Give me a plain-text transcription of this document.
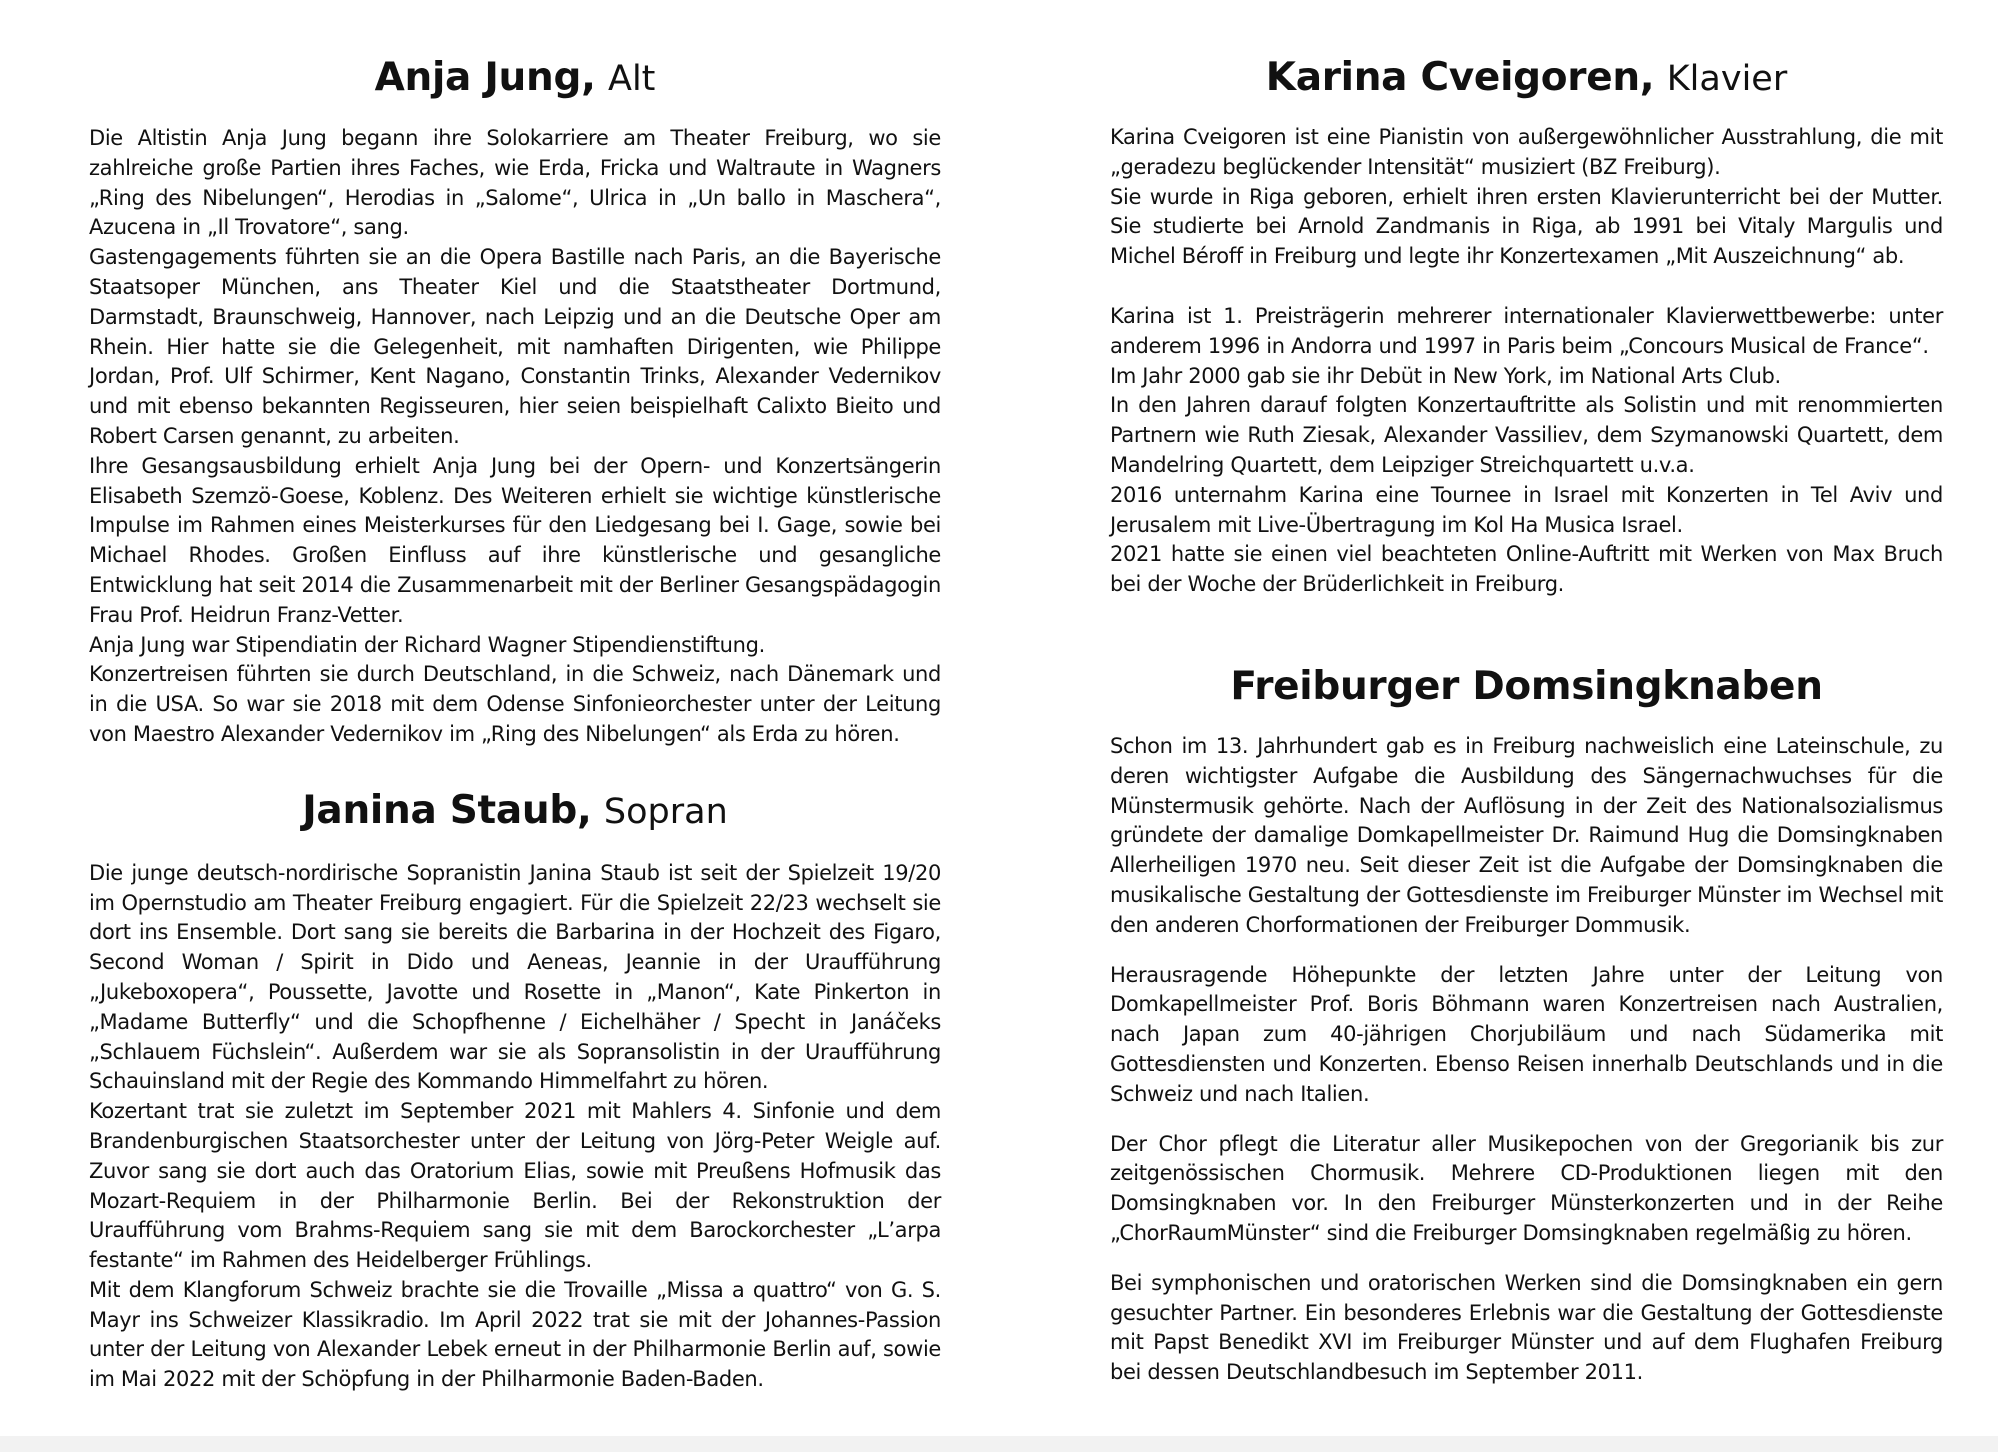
Anja Jung, Alt

Die Altistin Anja Jung begann ihre Solokarriere am Theater Freiburg, wo sie zahlreiche große Partien ihres Faches, wie Erda, Fricka und Waltraute in Wagners „Ring des Nibelungen“, Herodias in „Salome“, Ulrica in „Un ballo in Maschera“, Azucena in „Il Trovatore“, sang.

Gastengagements führten sie an die Opera Bastille nach Paris, an die Bayerische Staatsoper München, ans Theater Kiel und die Staatstheater Dortmund, Darmstadt, Braunschweig, Hannover, nach Leipzig und an die Deutsche Oper am Rhein. Hier hatte sie die Gelegenheit, mit namhaften Dirigenten, wie Philippe Jordan, Prof. Ulf Schirmer, Kent Nagano, Constantin Trinks, Alexander Vedernikov und mit ebenso bekannten Regisseuren, hier seien beispielhaft Calixto Bieito und Robert Carsen genannt, zu arbeiten.

Ihre Gesangsausbildung erhielt Anja Jung bei der Opern- und Konzertsängerin Elisabeth Szemzö-Goese, Koblenz. Des Weiteren erhielt sie wichtige künstlerische Impulse im Rahmen eines Meisterkurses für den Liedgesang bei I. Gage, sowie bei Michael Rhodes. Großen Einfluss auf ihre künstlerische und gesangliche Entwicklung hat seit 2014 die Zusammenarbeit mit der Berliner Gesangspädagogin Frau Prof. Heidrun Franz-Vetter.

Anja Jung war Stipendiatin der Richard Wagner Stipendienstiftung.

Konzertreisen führten sie durch Deutschland, in die Schweiz, nach Dänemark und in die USA. So war sie 2018 mit dem Odense Sinfonieorchester unter der Leitung von Maestro Alexander Vedernikov im „Ring des Nibelungen“ als Erda zu hören.

Janina Staub, Sopran

Die junge deutsch-nordirische Sopranistin Janina Staub ist seit der Spielzeit 19/20 im Opernstudio am Theater Freiburg engagiert. Für die Spielzeit 22/23 wechselt sie dort ins Ensemble. Dort sang sie bereits die Barbarina in der Hochzeit des Figaro, Second Woman / Spirit in Dido und Aeneas, Jeannie in der Uraufführung „Jukeboxopera“, Poussette, Javotte und Rosette in „Manon“, Kate Pinkerton in „Madame Butterfly“ und die Schopfhenne / Eichelhäher / Specht in Janáčeks „Schlauem Füchslein“. Außerdem war sie als Sopransolistin in der Uraufführung Schauinsland mit der Regie des Kommando Himmelfahrt zu hören.

Kozertant trat sie zuletzt im September 2021 mit Mahlers 4. Sinfonie und dem Brandenburgischen Staatsorchester unter der Leitung von Jörg-Peter Weigle auf. Zuvor sang sie dort auch das Oratorium Elias, sowie mit Preußens Hofmusik das Mozart-Requiem in der Philharmonie Berlin. Bei der Rekonstruktion der Uraufführung vom Brahms-Requiem sang sie mit dem Barockorchester „L’arpa festante“ im Rahmen des Heidelberger Frühlings.

Mit dem Klangforum Schweiz brachte sie die Trovaille „Missa a quattro“ von G. S. Mayr ins Schweizer Klassikradio. Im April 2022 trat sie mit der Johannes-Passion unter der Leitung von Alexander Lebek erneut in der Philharmonie Berlin auf, sowie im Mai 2022 mit der Schöpfung in der Philharmonie Baden-Baden.

Karina Cveigoren, Klavier

Karina Cveigoren ist eine Pianistin von außergewöhnlicher Ausstrahlung, die mit „geradezu beglückender Intensität“ musiziert (BZ Freiburg).

Sie wurde in Riga geboren, erhielt ihren ersten Klavierunterricht bei der Mutter. Sie studierte bei Arnold Zandmanis in Riga, ab 1991 bei Vitaly Margulis und Michel Béroff in Freiburg und legte ihr Konzertexamen „Mit Auszeichnung“ ab.

Karina ist 1. Preisträgerin mehrerer internationaler Klavierwettbewerbe: unter anderem 1996 in Andorra und 1997 in Paris beim „Concours Musical de France“.

Im Jahr 2000 gab sie ihr Debüt in New York, im National Arts Club.

In den Jahren darauf folgten Konzertauftritte als Solistin und mit renommierten Partnern wie Ruth Ziesak, Alexander Vassiliev, dem Szymanowski Quartett, dem Mandelring Quartett, dem Leipziger Streichquartett u.v.a.

2016 unternahm Karina eine Tournee in Israel mit Konzerten in Tel Aviv und Jerusalem mit Live-Übertragung im Kol Ha Musica Israel.

2021 hatte sie einen viel beachteten Online-Auftritt mit Werken von Max Bruch bei der Woche der Brüderlichkeit in Freiburg.

Freiburger Domsingknaben

Schon im 13. Jahrhundert gab es in Freiburg nachweislich eine Lateinschule, zu deren wichtigster Aufgabe die Ausbildung des Sängernachwuchses für die Münstermusik gehörte. Nach der Auflösung in der Zeit des Nationalsozialismus gründete der damalige Domkapellmeister Dr. Raimund Hug die Domsingknaben Allerheiligen 1970 neu. Seit dieser Zeit ist die Aufgabe der Domsingknaben die musikalische Gestaltung der Gottesdienste im Freiburger Münster im Wechsel mit den anderen Chorformationen der Freiburger Dommusik.

Herausragende Höhepunkte der letzten Jahre unter der Leitung von Domkapellmeister Prof. Boris Böhmann waren Konzertreisen nach Australien, nach Japan zum 40-jährigen Chorjubiläum und nach Südamerika mit Gottesdiensten und Konzerten. Ebenso Reisen innerhalb Deutschlands und in die Schweiz und nach Italien.

Der Chor pflegt die Literatur aller Musikepochen von der Gregorianik bis zur zeitgenössischen Chormusik. Mehrere CD-Produktionen liegen mit den Domsingknaben vor. In den Freiburger Münsterkonzerten und in der Reihe „ChorRaumMünster“ sind die Freiburger Domsingknaben regelmäßig zu hören.

Bei symphonischen und oratorischen Werken sind die Domsingknaben ein gern gesuchter Partner. Ein besonderes Erlebnis war die Gestaltung der Gottesdienste mit Papst Benedikt XVI im Freiburger Münster und auf dem Flughafen Freiburg bei dessen Deutschlandbesuch im September 2011.
